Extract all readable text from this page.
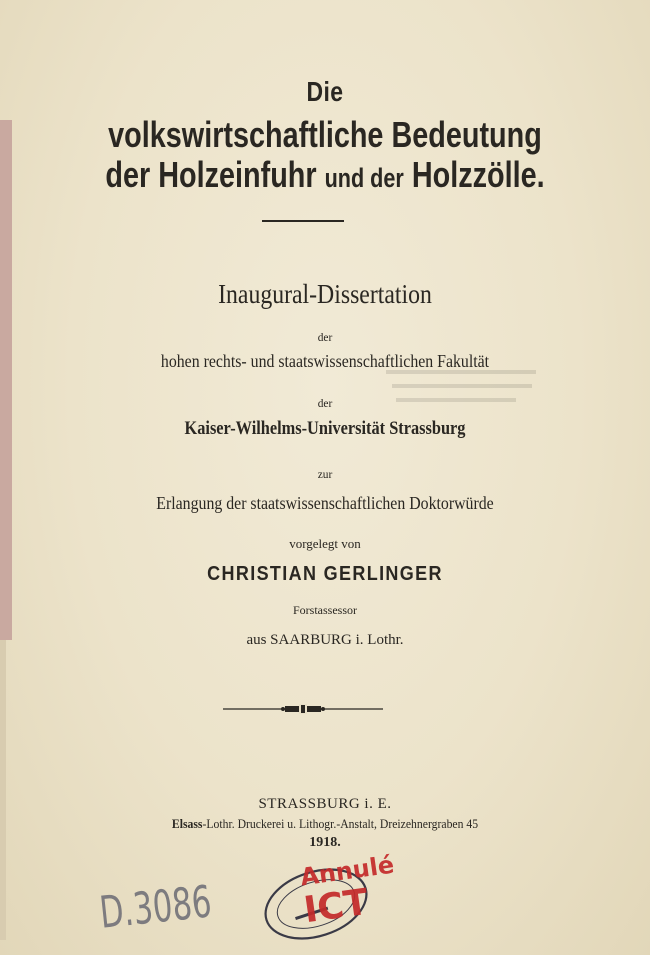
Die
volkswirtschaftliche Bedeutung
der Holzeinfuhr und der Holzzölle.
Inaugural-Dissertation
der
hohen rechts- und staatswissenschaftlichen Fakultät
der
Kaiser-Wilhelms-Universität Strassburg
zur
Erlangung der staatswissenschaftlichen Doktorwürde
vorgelegt von
CHRISTIAN GERLINGER
Forstassessor
aus SAARBURG i. Lothr.
STRASSBURG i. E.
Elsass-Lothr. Druckerei u. Lithogr.-Anstalt, Dreizehnergraben 45
1918.
D.3086
Annulé
ICT
